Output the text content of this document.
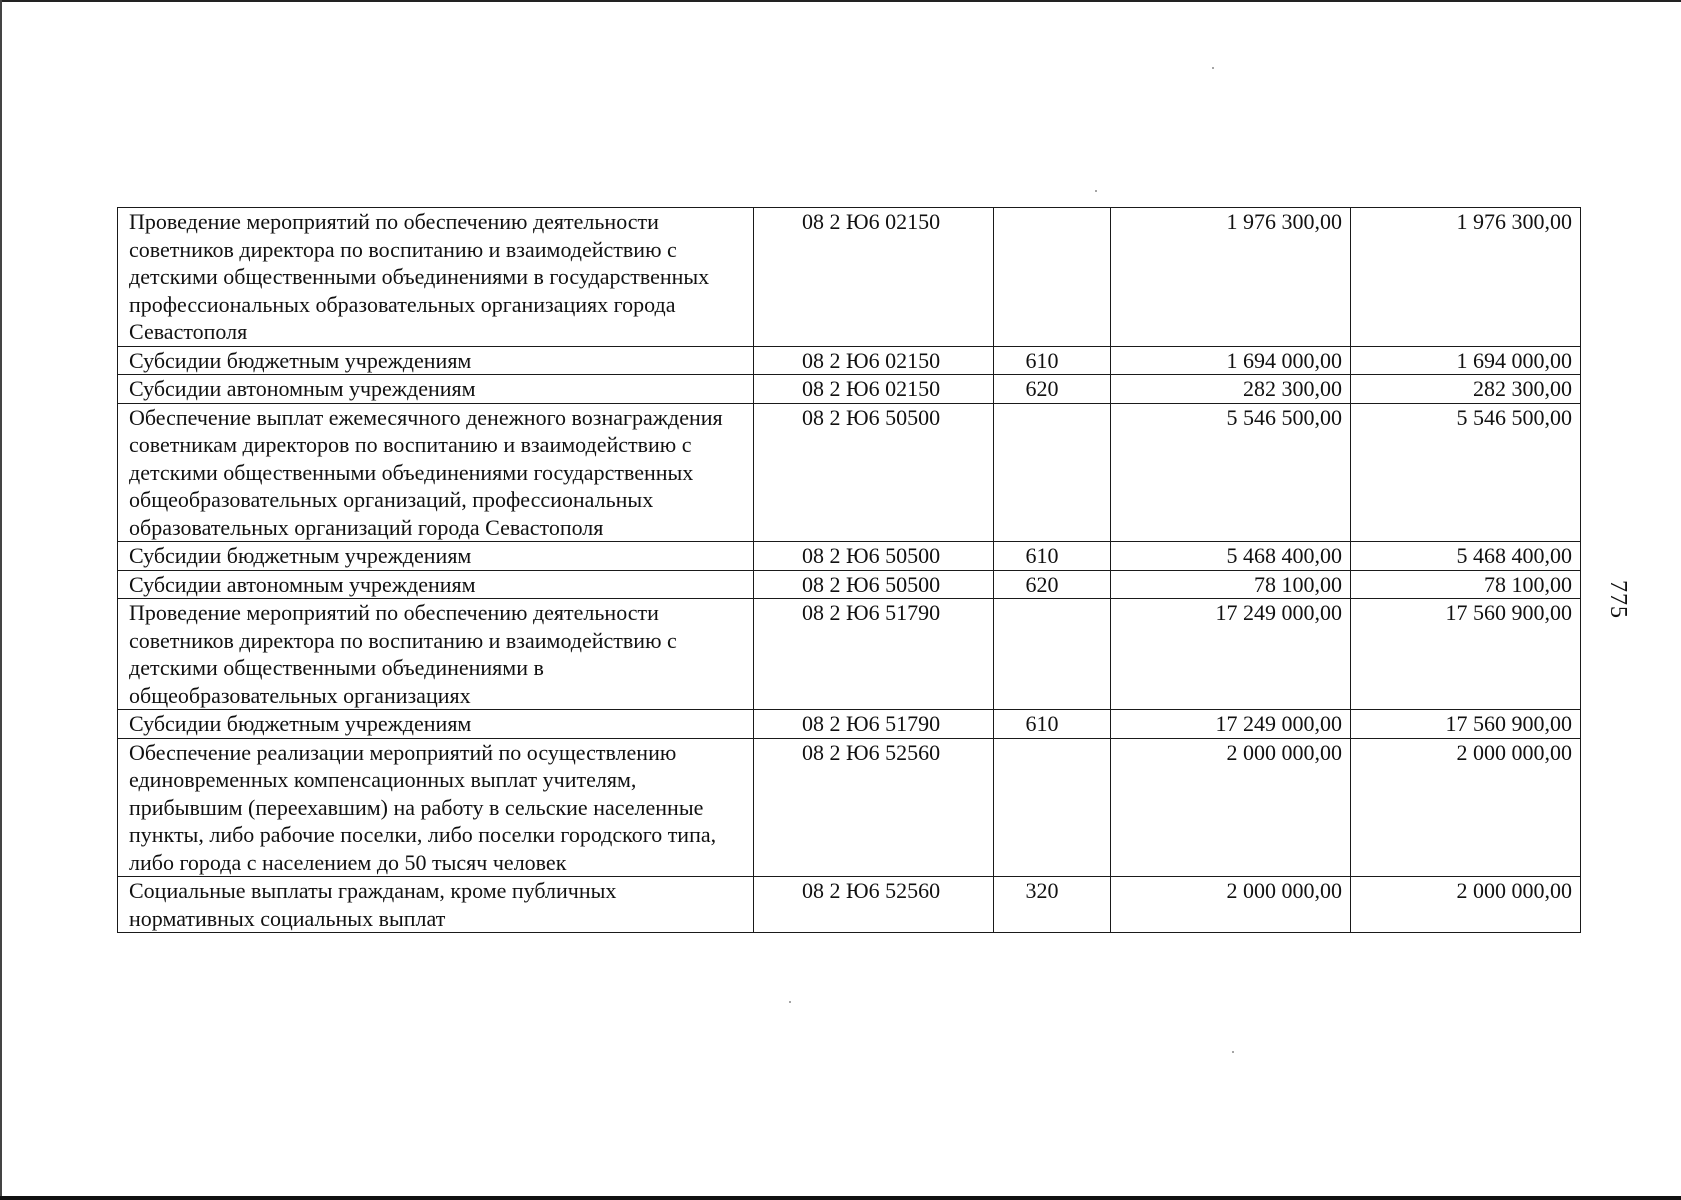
Проведение мероприятий по обеспечению деятельности советников директора по воспитанию и взаимодействию с детскими общественными объединениями в государственных профессиональных образовательных организациях города Севастополя	08 2 Ю6 02150		1 976 300,00	1 976 300,00
Субсидии бюджетным учреждениям	08 2 Ю6 02150	610	1 694 000,00	1 694 000,00
Субсидии автономным учреждениям	08 2 Ю6 02150	620	282 300,00	282 300,00
Обеспечение выплат ежемесячного денежного вознаграждения советникам директоров по воспитанию и взаимодействию с детскими общественными объединениями государственных общеобразовательных организаций, профессиональных образовательных организаций города Севастополя	08 2 Ю6 50500		5 546 500,00	5 546 500,00
Субсидии бюджетным учреждениям	08 2 Ю6 50500	610	5 468 400,00	5 468 400,00
Субсидии автономным учреждениям	08 2 Ю6 50500	620	78 100,00	78 100,00
Проведение мероприятий по обеспечению деятельности советников директора по воспитанию и взаимодействию с детскими общественными объединениями в общеобразовательных организациях	08 2 Ю6 51790		17 249 000,00	17 560 900,00
Субсидии бюджетным учреждениям	08 2 Ю6 51790	610	17 249 000,00	17 560 900,00
Обеспечение реализации мероприятий по осуществлению единовременных компенсационных выплат учителям, прибывшим (переехавшим) на работу в сельские населенные пункты, либо рабочие поселки, либо поселки городского типа, либо города с населением до 50 тысяч человек	08 2 Ю6 52560		2 000 000,00	2 000 000,00
Социальные выплаты гражданам, кроме публичных нормативных социальных выплат	08 2 Ю6 52560	320	2 000 000,00	2 000 000,00
775
